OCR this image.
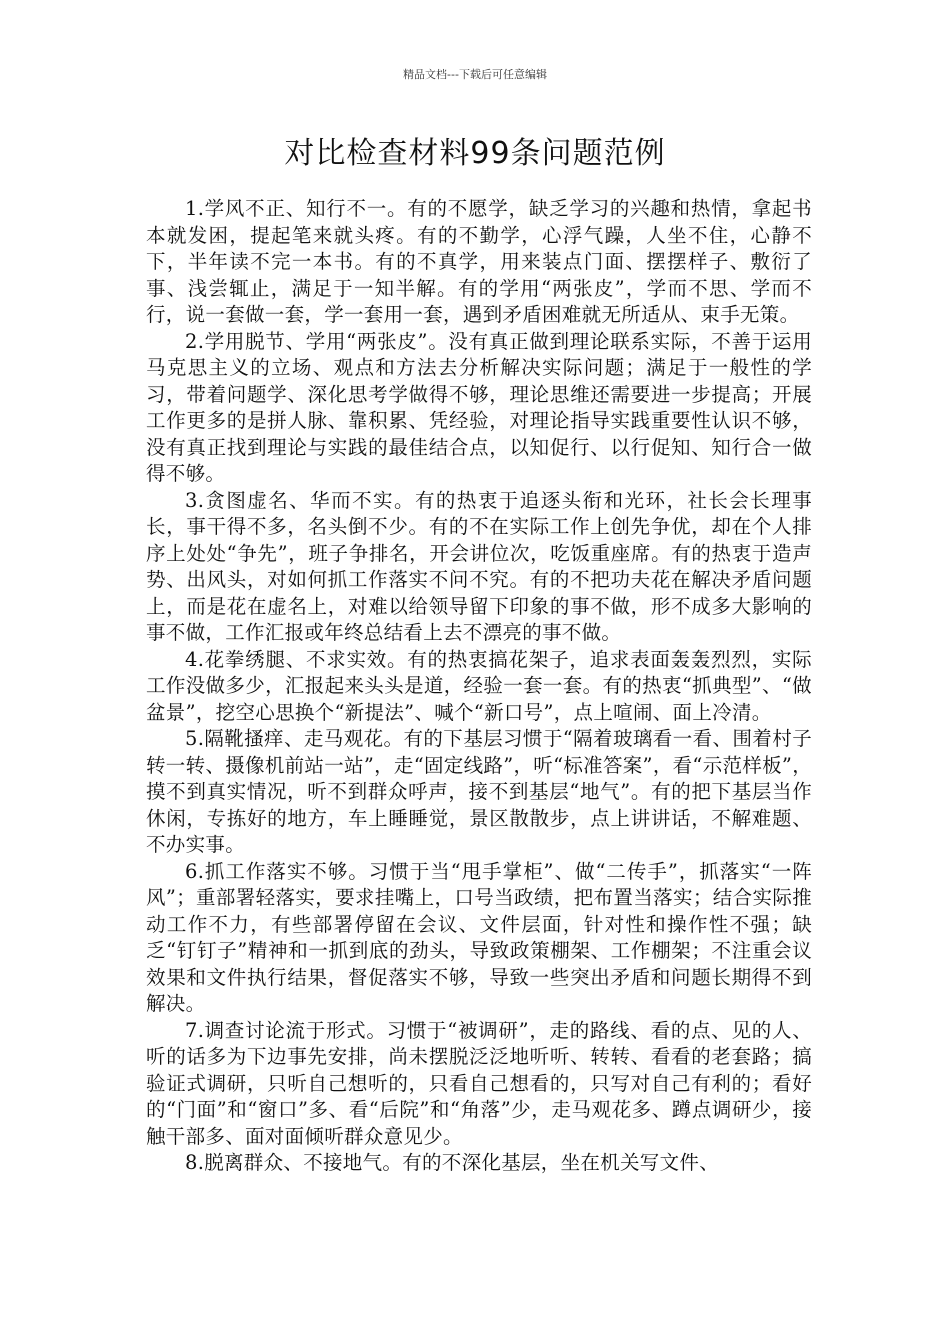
精品文档---下载后可任意编辑
对比检查材料99条问题范例

1.学风不正、知行不一。有的不愿学，缺乏学习的兴趣和热情，拿起书本就发困，提起笔来就头疼。有的不勤学，心浮气躁，人坐不住，心静不下，半年读不完一本书。有的不真学，用来装点门面、摆摆样子、敷衍了事、浅尝辄止，满足于一知半解。有的学用“两张皮”，学而不思、学而不行，说一套做一套，学一套用一套，遇到矛盾困难就无所适从、束手无策。

2.学用脱节、学用“两张皮”。没有真正做到理论联系实际，不善于运用马克思主义的立场、观点和方法去分析解决实际问题；满足于一般性的学习，带着问题学、深化思考学做得不够，理论思维还需要进一步提高；开展工作更多的是拼人脉、靠积累、凭经验，对理论指导实践重要性认识不够，没有真正找到理论与实践的最佳结合点，以知促行、以行促知、知行合一做得不够。

3.贪图虚名、华而不实。有的热衷于追逐头衔和光环，社长会长理事长，事干得不多，名头倒不少。有的不在实际工作上创先争优，却在个人排序上处处“争先”，班子争排名，开会讲位次，吃饭重座席。有的热衷于造声势、出风头，对如何抓工作落实不问不究。有的不把功夫花在解决矛盾问题上，而是花在虚名上，对难以给领导留下印象的事不做，形不成多大影响的事不做，工作汇报或年终总结看上去不漂亮的事不做。

4.花拳绣腿、不求实效。有的热衷搞花架子，追求表面轰轰烈烈，实际工作没做多少，汇报起来头头是道，经验一套一套。有的热衷“抓典型”、“做盆景”，挖空心思换个“新提法”、喊个“新口号”，点上喧闹、面上冷清。

5.隔靴搔痒、走马观花。有的下基层习惯于“隔着玻璃看一看、围着村子转一转、摄像机前站一站”，走“固定线路”，听“标准答案”，看“示范样板”，摸不到真实情况，听不到群众呼声，接不到基层“地气”。有的把下基层当作休闲，专拣好的地方，车上睡睡觉，景区散散步，点上讲讲话，不解难题、不办实事。

6.抓工作落实不够。习惯于当“甩手掌柜”、做“二传手”，抓落实“一阵风”；重部署轻落实，要求挂嘴上，口号当政绩，把布置当落实；结合实际推动工作不力，有些部署停留在会议、文件层面，针对性和操作性不强；缺乏“钉钉子”精神和一抓到底的劲头，导致政策棚架、工作棚架；不注重会议效果和文件执行结果，督促落实不够，导致一些突出矛盾和问题长期得不到解决。

7.调查讨论流于形式。习惯于“被调研”，走的路线、看的点、见的人、听的话多为下边事先安排，尚未摆脱泛泛地听听、转转、看看的老套路；搞验证式调研，只听自己想听的，只看自己想看的，只写对自己有利的；看好的“门面”和“窗口”多、看“后院”和“角落”少，走马观花多、蹲点调研少，接触干部多、面对面倾听群众意见少。

8.脱离群众、不接地气。有的不深化基层，坐在机关写文件、
